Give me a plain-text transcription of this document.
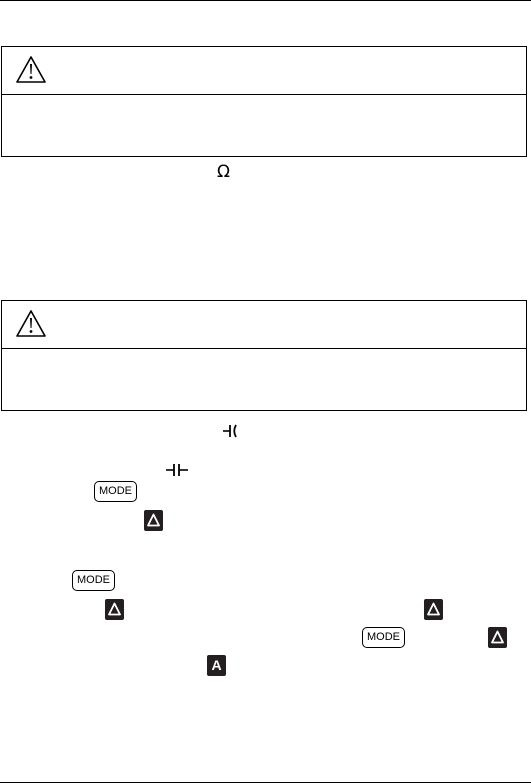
Ω
MODE
MODE
MODE
A
